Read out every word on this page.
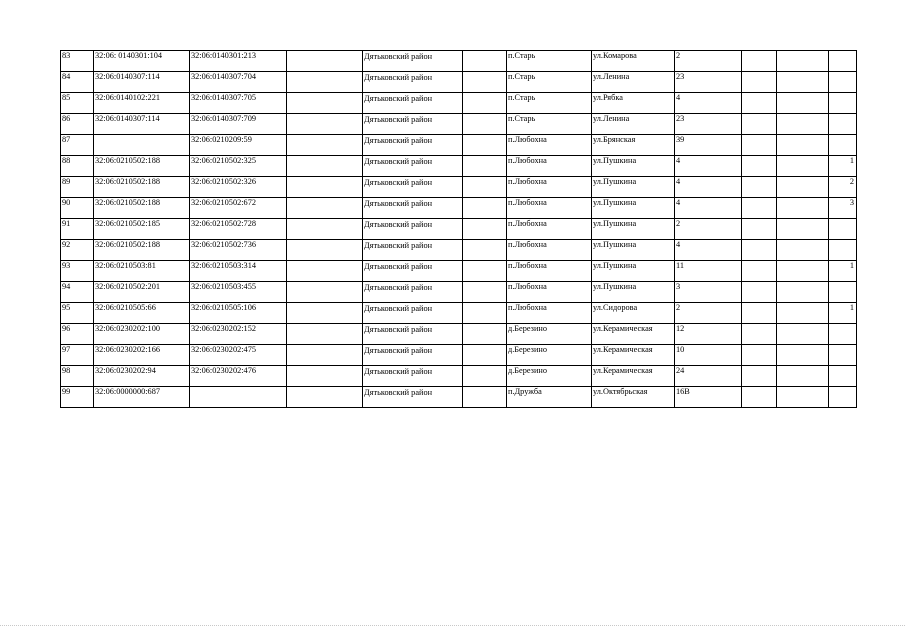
83	32:06: 0140301:104	32:06:0140301:213		Дятьковский район		п.Старь	ул.Комарова	2			
84	32:06:0140307:114	32:06:0140307:704		Дятьковский район		п.Старь	ул.Ленина	23			
85	32:06:0140102:221	32:06:0140307:705		Дятьковский район		п.Старь	ул.Рябка	4			
86	32:06:0140307:114	32:06:0140307:709		Дятьковский район		п.Старь	ул.Ленина	23			
87		32:06:0210209:59		Дятьковский район		п.Любохна	ул.Брянская	39			
88	32:06:0210502:188	32:06:0210502:325		Дятьковский район		п.Любохна	ул.Пушкина	4			1
89	32:06:0210502:188	32:06:0210502:326		Дятьковский район		п.Любохна	ул.Пушкина	4			2
90	32:06:0210502:188	32:06:0210502:672		Дятьковский район		п.Любохна	ул.Пушкина	4			3
91	32:06:0210502:185	32:06:0210502:728		Дятьковский район		п.Любохна	ул.Пушкина	2			
92	32:06:0210502:188	32:06:0210502:736		Дятьковский район		п.Любохна	ул.Пушкина	4			
93	32:06:0210503:81	32:06:0210503:314		Дятьковский район		п.Любохна	ул.Пушкина	11			1
94	32:06:0210502:201	32:06:0210503:455		Дятьковский район		п.Любохна	ул.Пушкина	3			
95	32:06:0210505:66	32:06:0210505:106		Дятьковский район		п.Любохна	ул.Сидорова	2			1
96	32:06:0230202:100	32:06:0230202:152		Дятьковский район		д.Березино	ул.Керамическая	12			
97	32:06:0230202:166	32:06:0230202:475		Дятьковский район		д.Березино	ул.Керамическая	10			
98	32:06:0230202:94	32:06:0230202:476		Дятьковский район		д.Березино	ул.Керамическая	24			
99	32:06:0000000:687			Дятьковский район		п.Дружба	ул.Октябрьская	16В			
